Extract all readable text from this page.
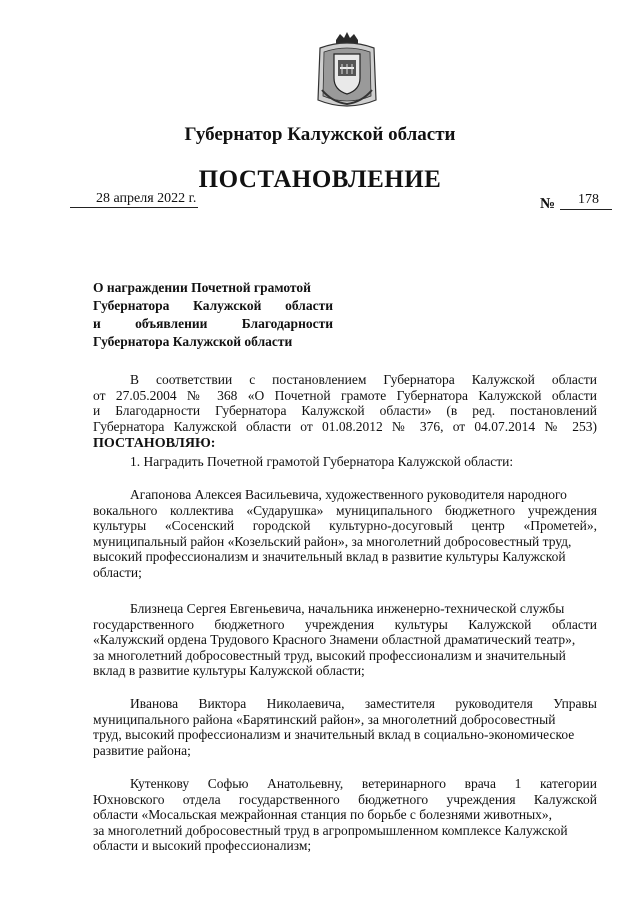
Губернатор Калужской области
ПОСТАНОВЛЕНИЕ
28 апреля 2022 г.	№ 178
О награждении Почетной грамотой
Губернатора Калужской области
и объявлении Благодарности
Губернатора Калужской области
В соответствии с постановлением Губернатора Калужской области
от 27.05.2004 № 368 «О Почетной грамоте Губернатора Калужской области
и Благодарности Губернатора Калужской области» (в ред. постановлений
Губернатора Калужской области от 01.08.2012 № 376, от 04.07.2014 № 253)
ПОСТАНОВЛЯЮ:
1. Наградить Почетной грамотой Губернатора Калужской области:
Агапонова Алексея Васильевича, художественного руководителя народного
вокального коллектива «Сударушка» муниципального бюджетного учреждения
культуры «Сосенский городской культурно-досуговый центр «Прометей»,
муниципальный район «Козельский район», за многолетний добросовестный труд,
высокий профессионализм и значительный вклад в развитие культуры Калужской
области;
Близнеца Сергея Евгеньевича, начальника инженерно-технической службы
государственного бюджетного учреждения культуры Калужской области
«Калужский ордена Трудового Красного Знамени областной драматический театр»,
за многолетний добросовестный труд, высокий профессионализм и значительный
вклад в развитие культуры Калужской области;
Иванова Виктора Николаевича, заместителя руководителя Управы
муниципального района «Барятинский район», за многолетний добросовестный
труд, высокий профессионализм и значительный вклад в социально-экономическое
развитие района;
Кутенкову Софью Анатольевну, ветеринарного врача 1 категории
Юхновского отдела государственного бюджетного учреждения Калужской
области «Мосальская межрайонная станция по борьбе с болезнями животных»,
за многолетний добросовестный труд в агропромышленном комплексе Калужской
области и высокий профессионализм;
